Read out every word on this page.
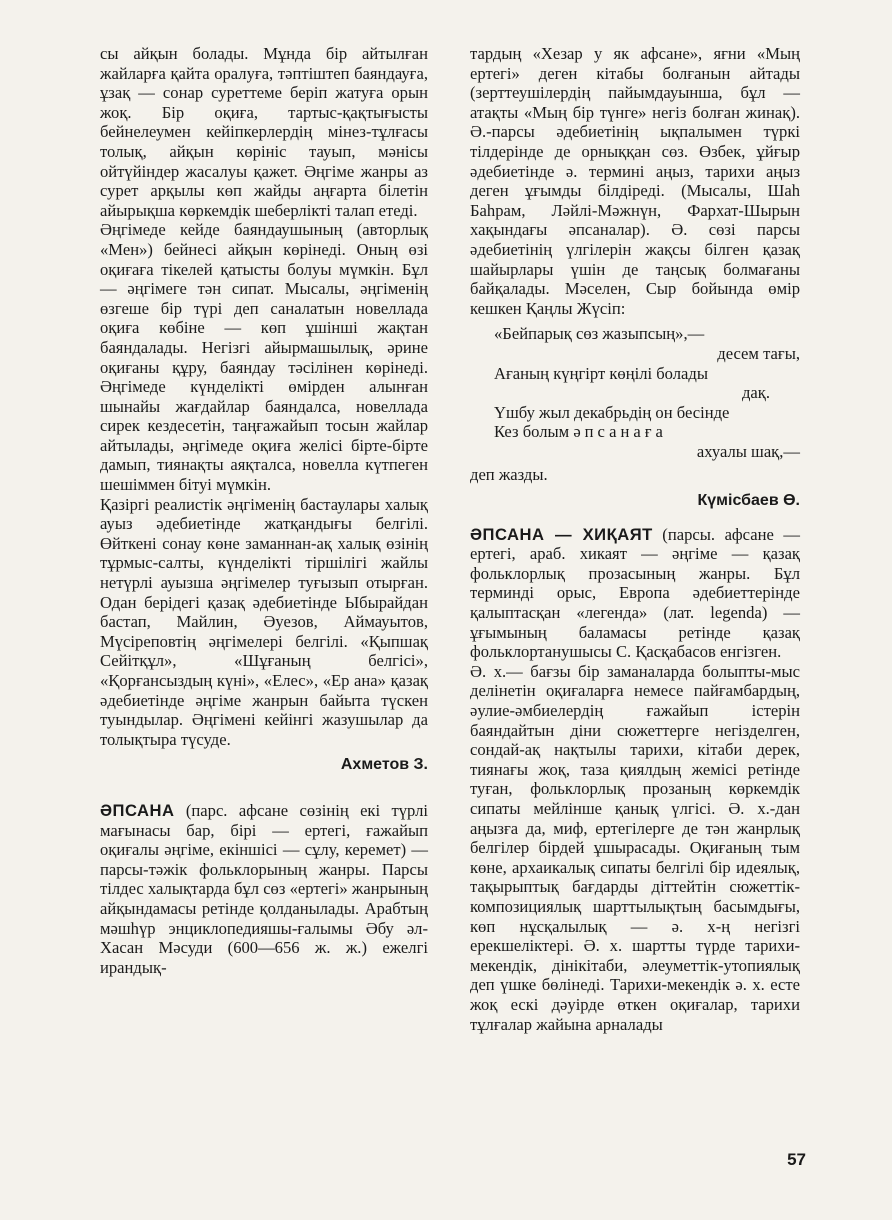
сы айқын болады. Мұнда бір айтылған жайларға қайта оралуға, тәптіштеп баяндауға, ұзақ — сонар суреттеме беріп жатуға орын жоқ. Бір оқиға, тартыс-қақтығысты бейнелеумен кейіпкерлердің мінез-тұлғасы толық, айқын көрініс тауып, мәнісы ойтүйіндер жасалуы қажет. Әңгіме жанры аз сурет арқылы көп жайды аңғарта білетін айырықша көркемдік шеберлікті талап етеді.

Әңгімеде кейде баяндаушының (авторлық «Мен») бейнесі айқын көрінеді. Оның өзі оқиғаға тікелей қатысты болуы мүмкін. Бұл — әңгімеге тән сипат. Мысалы, әңгіменің өзгеше бір түрі деп саналатын новеллада оқиға көбіне — көп ұшінші жақтан баяндалады. Негізгі айырмашылық, әрине оқиғаны құру, баяндау тәсілінен көрінеді. Әңгімеде күнделікті өмірден алынған шынайы жағдайлар баяндалса, новеллада сирек кездесетін, таңғажайып тосын жайлар айтылады, әңгімеде оқиға желісі бірте-бірте дамып, тиянақты аяқталса, новелла күтпеген шешіммен бітуі мүмкін.

Қазіргі реалистік әңгіменің бастаулары халық ауыз әдебиетінде жатқандығы белгілі. Өйткені сонау көне заманнан-ақ халық өзінің тұрмыс-салты, күнделікті тіршілігі жайлы нетүрлі ауызша әңгімелер туғызып отырған. Одан берідегі қазақ әдебиетінде Ыбырайдан бастап, Майлин, Әуезов, Аймауытов, Мүсіреповтің әңгімелері белгілі. «Қыпшақ Сейітқұл», «Шұғаның белгісі», «Қорғансыздың күні», «Елес», «Ер ана» қазақ әдебиетінде әңгіме жанрын байыта түскен туындылар. Әңгімені кейінгі жазушылар да толықтыра түсуде.

Ахметов З.

ӘПСАНА (парс. афсане сөзінің екі түрлі мағынасы бар, бірі — ертегі, ғажайып оқиғалы әңгіме, екіншісі — сұлу, керемет) — парсы-тәжік фольклорының жанры. Парсы тілдес халықтарда бұл сөз «ертегі» жанрының айқындамасы ретінде қолданылады. Арабтың мәшһүр энциклопедияшы-ғалымы Әбу әл-Хасан Мәсуди (600—656 ж. ж.) ежелгі ирандық-

тардың «Хезар у як афсане», яғни «Мың ертегі» деген кітабы болғанын айтады (зерттеушілердің пайымдауынша, бұл — атақты «Мың бір түнге» негіз болған жинақ). Ә.-парсы әдебиетінің ықпалымен түркі тілдерінде де орныққан сөз. Өзбек, ұйғыр әдебиетінде ә. термині аңыз, тарихи аңыз деген ұғымды білдіреді. (Мысалы, Шаһ Баһрам, Ләйлі-Мәжнүн, Фархат-Шырын хақындағы әпсаналар). Ә. сөзі парсы әдебиетінің үлгілерін жақсы білген қазақ шайырлары үшін де таңсық болмағаны байқалады. Мәселен, Сыр бойында өмір кешкен Қаңлы Жүсіп:

«Бейпарық сөз жазыпсың»,—
десем тағы,
Ағаның күңгірт көңілі болады
дақ.
Үшбу жыл декабрьдің он бесінде
Кез болым әпсанаға
ахуалы шақ,—

деп жазды.

Күмісбаев Ө.

ӘПСАНА — ХИҚАЯТ (парсы. афсане — ертегі, араб. хикаят — әңгіме — қазақ фольклорлық прозасының жанры. Бұл терминді орыс, Европа әдебиеттерінде қалыптасқан «легенда» (лат. legenda) —ұғымының баламасы ретінде қазақ фольклортанушысы С. Қасқабасов енгізген.

Ә. х.— бағзы бір заманаларда болыпты-мыс делінетін оқиғаларға немесе пайғамбардың, әулие-әмбиелердің ғажайып істерін баяндайтын діни сюжеттерге негізделген, сондай-ақ нақтылы тарихи, кітаби дерек, тиянағы жоқ, таза қиялдың жемісі ретінде туған, фольклорлық прозаның көркемдік сипаты мейлінше қанық үлгісі. Ә. х.-дан аңызға да, миф, ертегілерге де тән жанрлық белгілер бірдей ұшырасады. Оқиғаның тым көне, архаикалық сипаты белгілі бір идеялық, тақырыптық бағдарды діттейтін сюжеттік-композициялық шарттылықтың басымдығы, көп нұсқалылық — ә. х-ң негізгі ерекшеліктері. Ә. х. шартты түрде тарихи-мекендік, дінікітаби, әлеуметтік-утопиялық деп үшке бөлінеді. Тарихи-мекендік ә. х. есте жоқ ескі дәуірде өткен оқиғалар, тарихи тұлғалар жайына арналады

57
